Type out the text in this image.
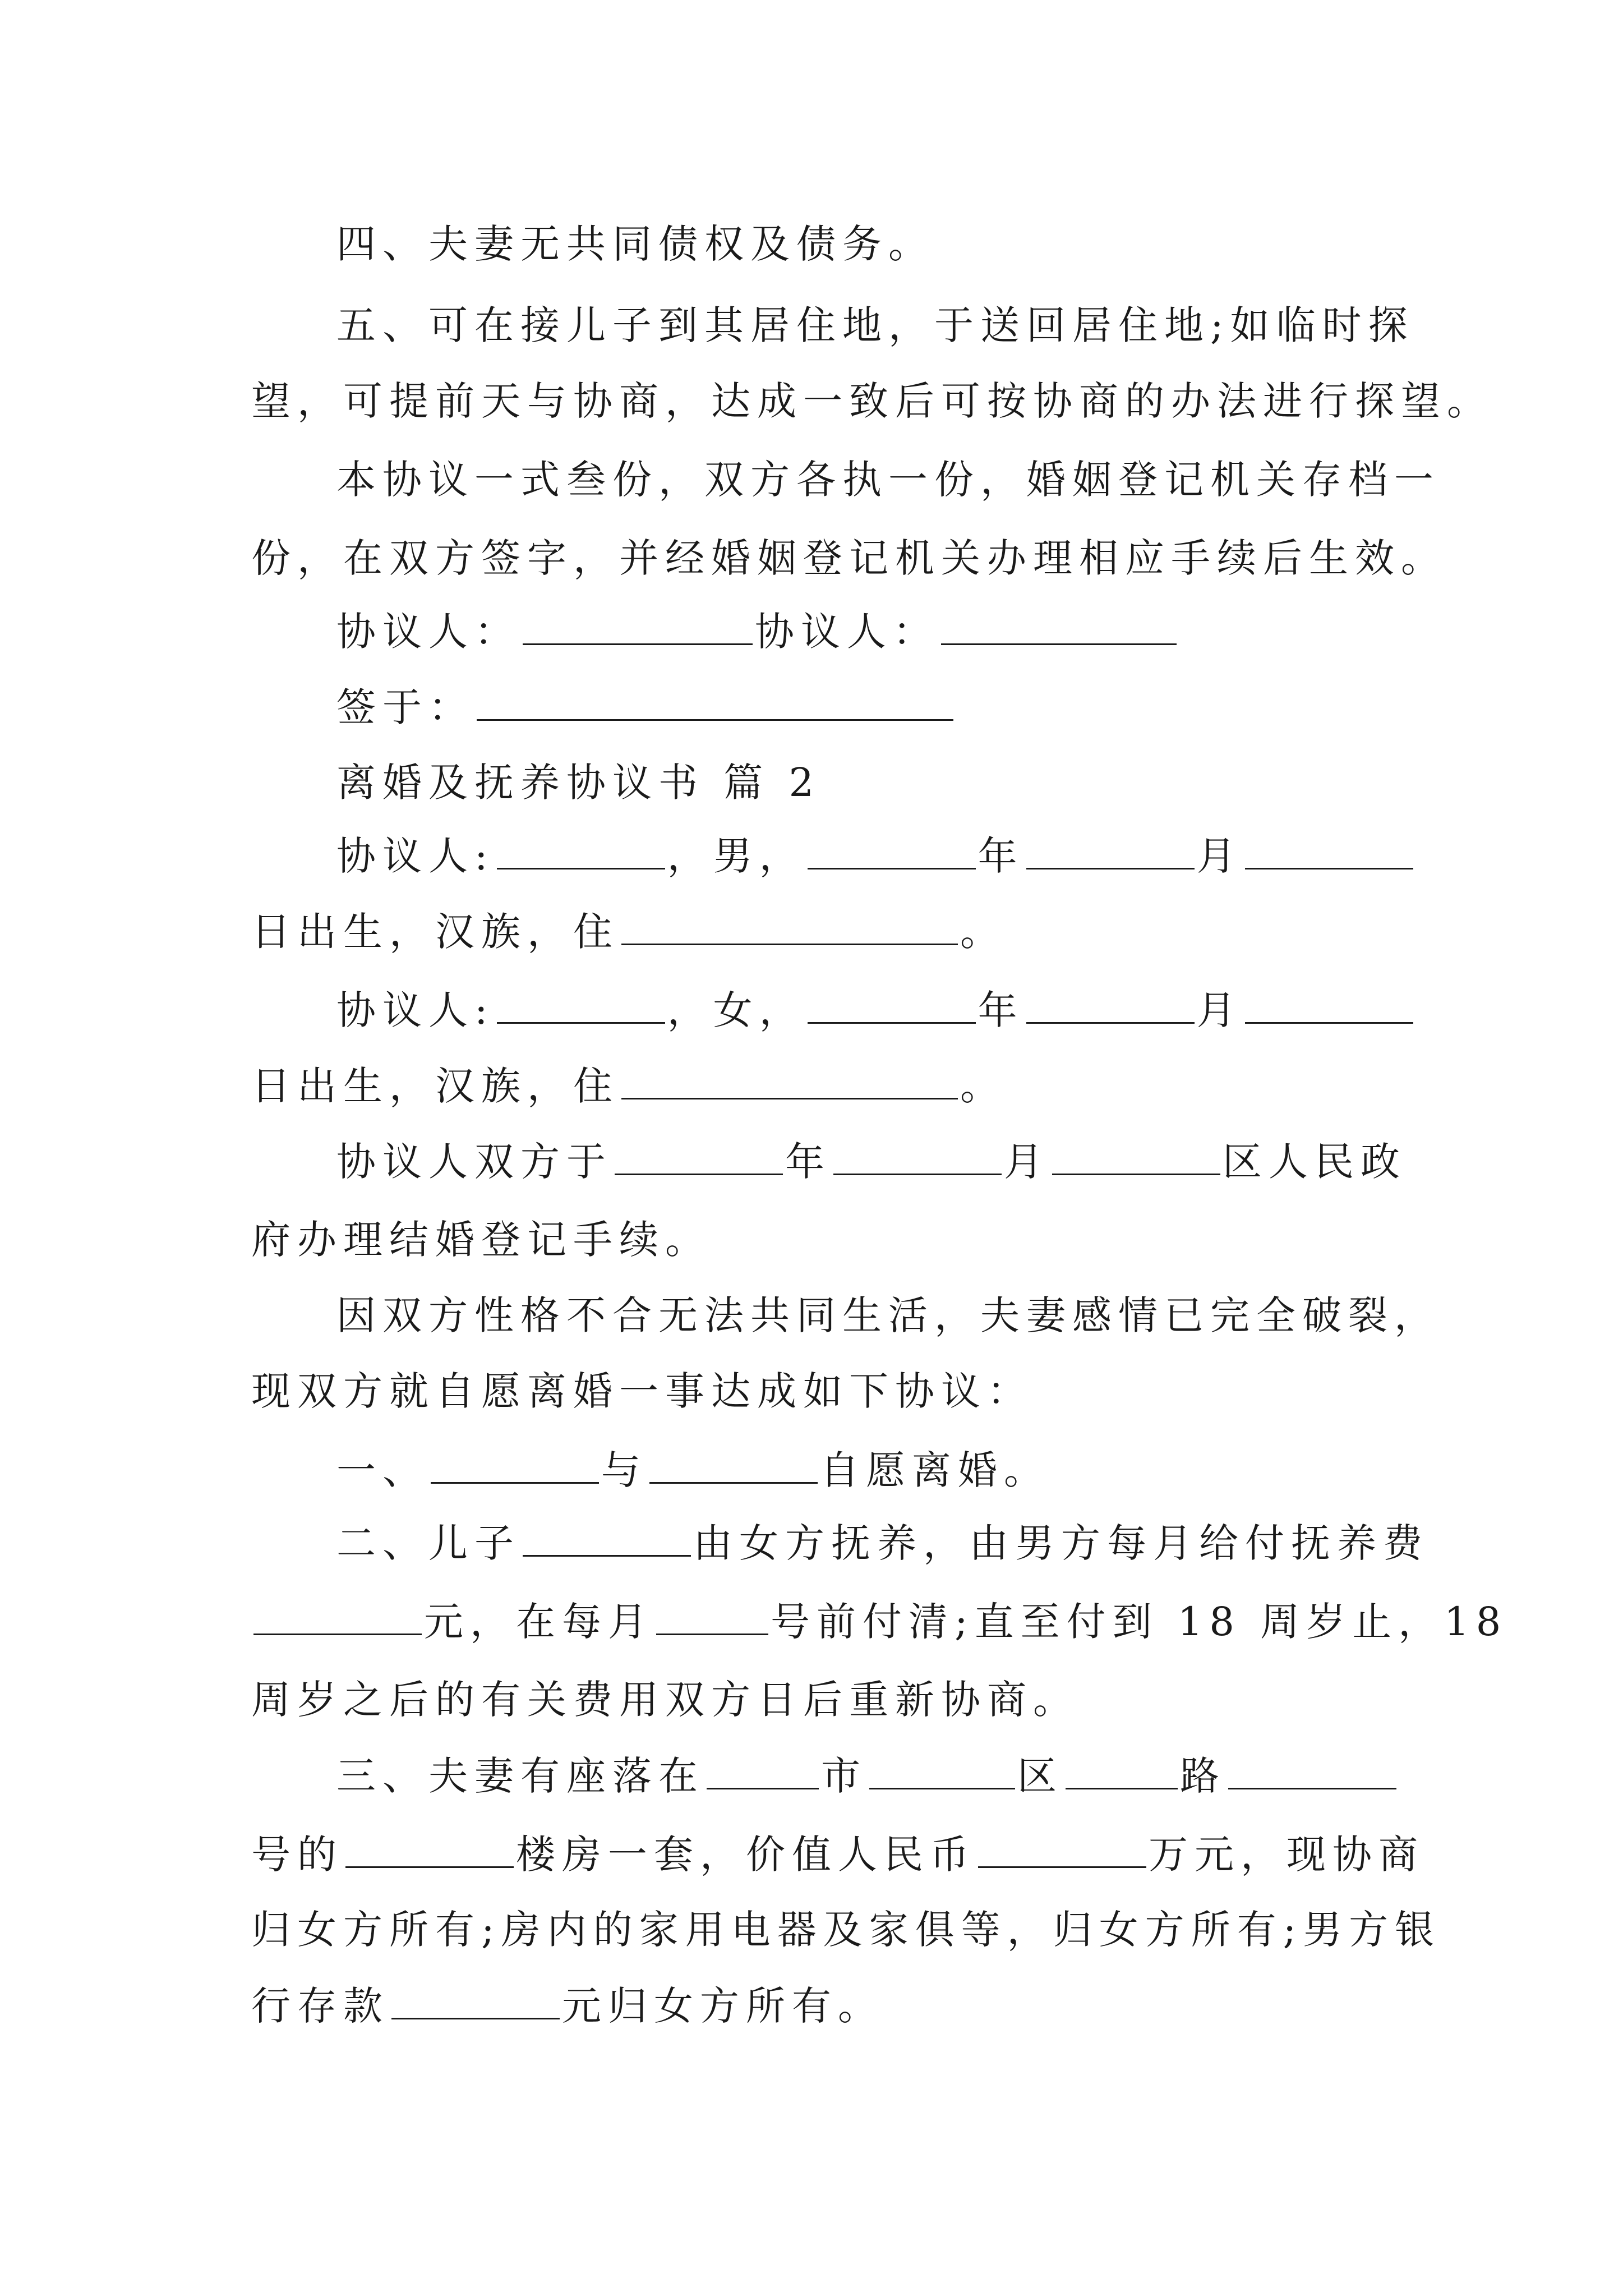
四、夫妻无共同债权及债务。
五、可在接儿子到其居住地，于送回居住地;如临时探
望，可提前天与协商，达成一致后可按协商的办法进行探望。
本协议一式叁份，双方各执一份，婚姻登记机关存档一
份，在双方签字，并经婚姻登记机关办理相应手续后生效。
协议人：	协议人：
签于：
离婚及抚养协议书 篇 2
协议人:	，男，	年	月
日出生，汉族，住	。
协议人:	，女，	年	月
日出生，汉族，住	。
协议人双方于	年	月	区人民政
府办理结婚登记手续。
因双方性格不合无法共同生活，夫妻感情已完全破裂，
现双方就自愿离婚一事达成如下协议：
一、	与	自愿离婚。
二、儿子	由女方抚养，由男方每月给付抚养费
元，在每月	号前付清;直至付到 18 周岁止，18
周岁之后的有关费用双方日后重新协商。
三、夫妻有座落在	市	区	路
号的	楼房一套，价值人民币	万元，现协商
归女方所有;房内的家用电器及家俱等，归女方所有;男方银
行存款	元归女方所有。
